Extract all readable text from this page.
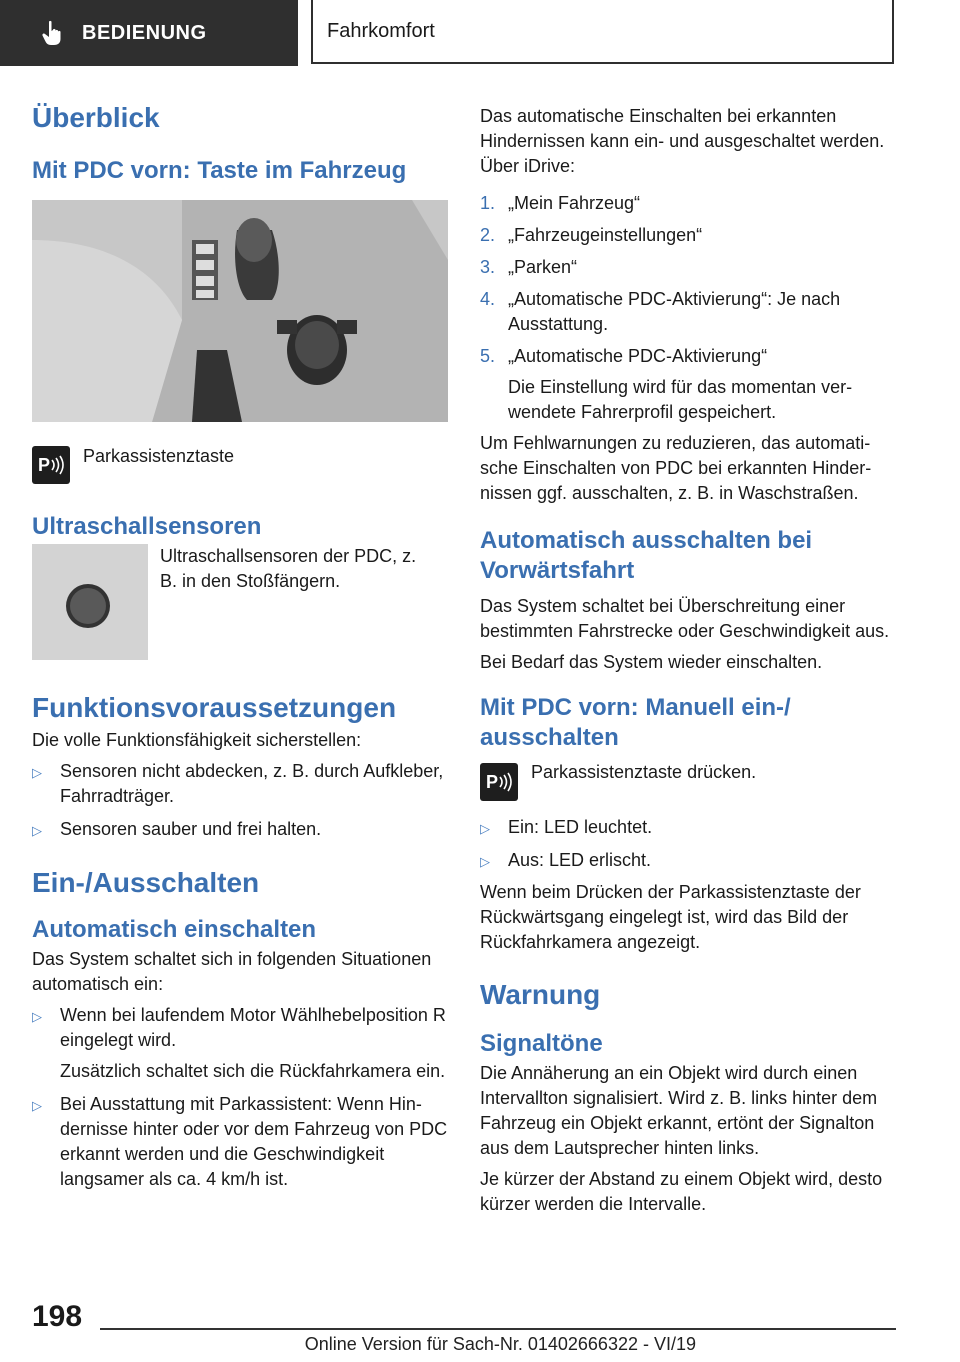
BEDIENUNG	Fahrkomfort
Überblick
Mit PDC vorn: Taste im Fahrzeug
P Parkassistenztaste

Ultraschallsensoren

Ultraschallsensoren der PDC, z. B. in den Stoßfängern.

Funktionsvoraussetzungen

Die volle Funktionsfähigkeit sicherstellen:

▷	Sensoren nicht abdecken, z. B. durch Aufkleber, Fahrradträger.
▷	Sensoren sauber und frei halten.
Ein-/Ausschalten
Automatisch einschalten

Das System schaltet sich in folgenden Situationen automatisch ein:

▷	Wenn bei laufendem Motor Wählhebelposition R eingelegt wird.
Zusätzlich schaltet sich die Rückfahrkamera ein.
▷	Bei Ausstattung mit Parkassistent: Wenn Hindernisse hinter oder vor dem Fahrzeug von PDC erkannt werden und die Geschwindigkeit langsamer als ca. 4 km/h ist.

Das automatische Einschalten bei erkannten Hindernissen kann ein- und ausgeschaltet werden. Über iDrive:

1. „Mein Fahrzeug“
2. „Fahrzeugeinstellungen“
3. „Parken“
4. „Automatische PDC-Aktivierung“: Je nach Ausstattung.
5. „Automatische PDC-Aktivierung“
Die Einstellung wird für das momentan verwendete Fahrerprofil gespeichert.

Um Fehlwarnungen zu reduzieren, das automatische Einschalten von PDC bei erkannten Hindernissen ggf. ausschalten, z. B. in Waschstraßen.

Automatisch ausschalten bei Vorwärtsfahrt

Das System schaltet bei Überschreitung einer bestimmten Fahrstrecke oder Geschwindigkeit aus.

Bei Bedarf das System wieder einschalten.

Mit PDC vorn: Manuell ein-/ ausschalten
P Parkassistenztaste drücken.

▷	Ein: LED leuchtet.
▷	Aus: LED erlischt.

Wenn beim Drücken der Parkassistenztaste der Rückwärtsgang eingelegt ist, wird das Bild der Rückfahrkamera angezeigt.

Warnung
Signaltöne

Die Annäherung an ein Objekt wird durch einen Intervallton signalisiert. Wird z. B. links hinter dem Fahrzeug ein Objekt erkannt, ertönt der Signalton aus dem Lautsprecher hinten links.

Je kürzer der Abstand zu einem Objekt wird, desto kürzer werden die Intervalle.

198
Online Version für Sach-Nr. 01402666322 - VI/19
